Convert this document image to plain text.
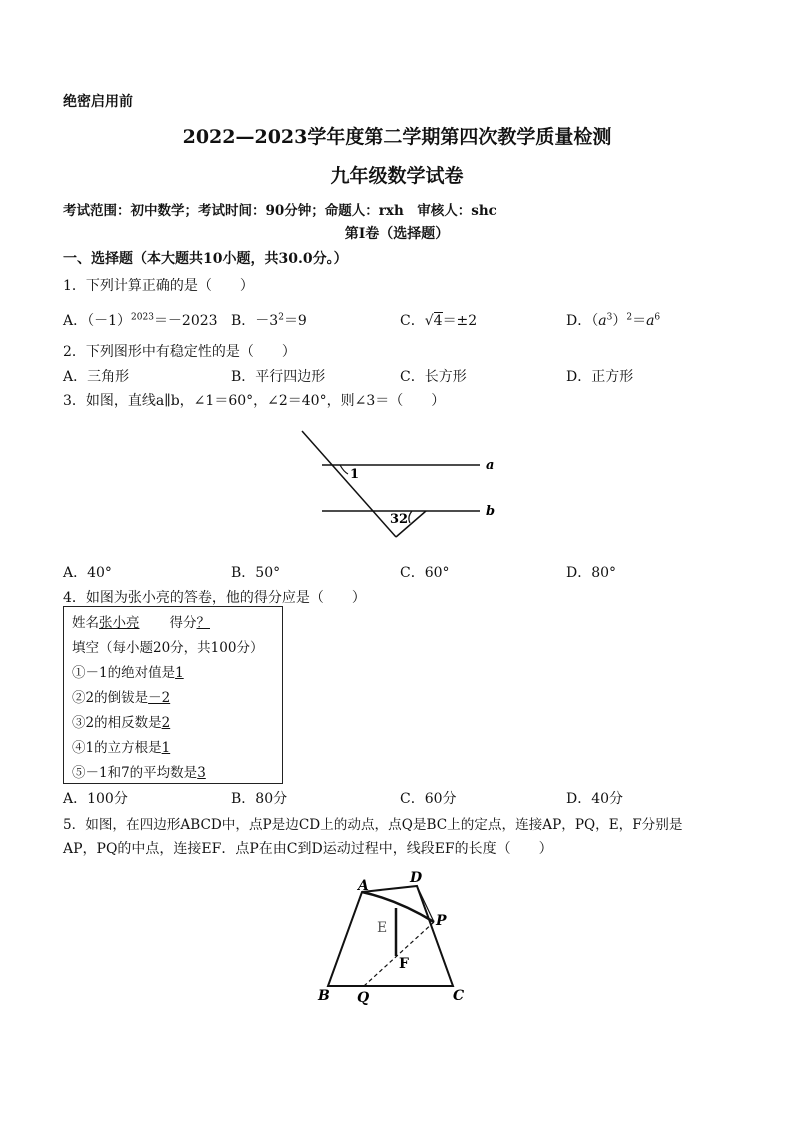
绝密启用前
2022—2023学年度第二学期第四次教学质量检测
九年级数学试卷
考试范围：初中数学；考试时间：90分钟；命题人：rxh　审核人：shc
第Ⅰ卷（选择题）
一、选择题（本大题共10小题，共30.0分。）
1．下列计算正确的是（　　）
A．$(-1)^{2023}=-2023$ B．$-3^2=9$	C．√4＝±2	D．$(a^3)^2=a^6$
2．下列图形中有稳定性的是（　　）
A．三角形	B．平行四边形	C．长方形	D．正方形
3．如图，直线a∥b，∠1＝60°，∠2＝40°，则∠3＝（　　）
1
32
a
b
A．40°	B．50°	C．60°	D．80°
4．如图为张小亮的答卷，他的得分应是（　　）
姓名张小亮 得分？
填空（每小题20分，共100分）
①－1的绝对值是1
②2的倒钹是－2
③2的相反数是2
④1的立方根是1
⑤－1和7的平均数是3
A．100分	B．80分	C．60分	D．40分
5．如图，在四边形ABCD中，点P是边CD上的动点，点Q是BC上的定点，连接AP，PQ，E，F分别是
AP，PQ的中点，连接EF．点P在由C到D运动过程中，线段EF的长度（　　）
A	D
P
E
F
B Q	C
